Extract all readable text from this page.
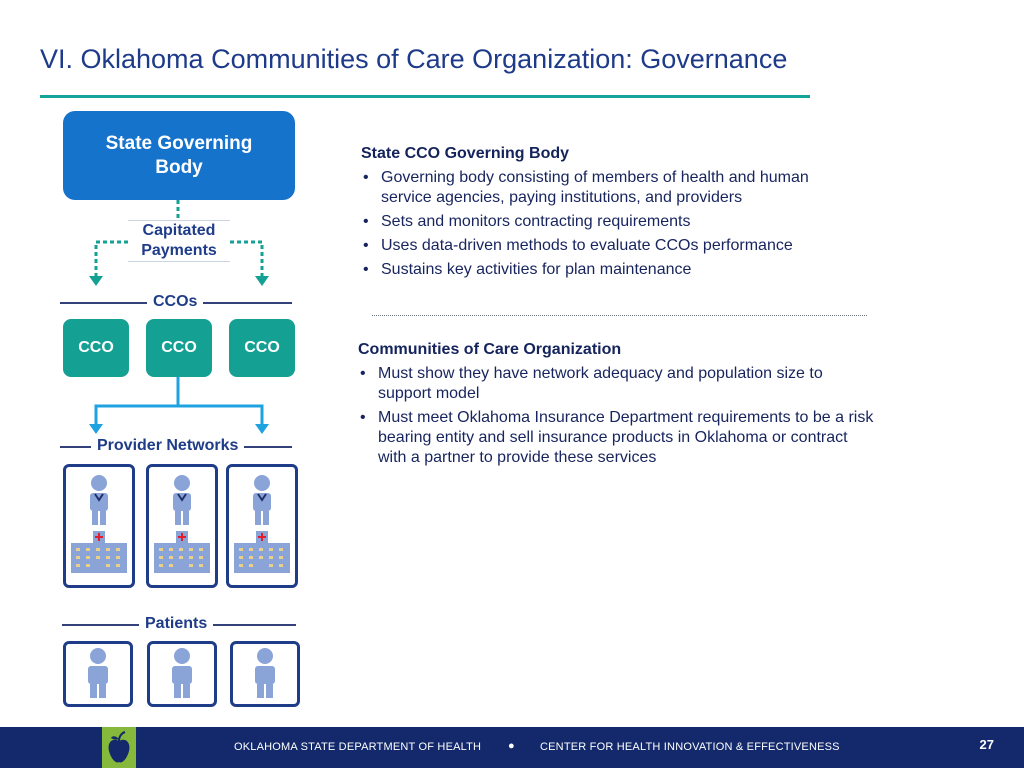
VI. Oklahoma Communities of Care Organization: Governance
State Governing
Body
Capitated
Payments
CCOs
CCO	CCO	CCO
Provider Networks
Patients
State CCO Governing Body
• Governing body consisting of members of health and human service agencies, paying institutions, and providers
• Sets and monitors contracting requirements
• Uses data-driven methods to evaluate CCOs performance
• Sustains key activities for plan maintenance
Communities of Care Organization
• Must show they have network adequacy and population size to support model
• Must meet Oklahoma Insurance Department requirements to be a risk bearing entity and sell insurance products in Oklahoma or contract with a partner to provide these services
OKLAHOMA STATE DEPARTMENT OF HEALTH ● CENTER FOR HEALTH INNOVATION & EFFECTIVENESS	27
